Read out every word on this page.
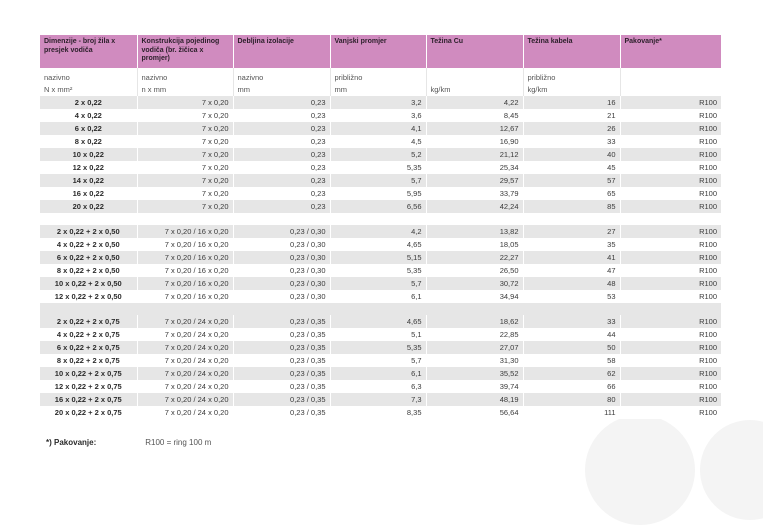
Dimenzije - broj žila x presjek vodiča	Konstrukcija pojedinog vodiča (br. žičica x promjer)	Debljina izolacije	Vanjski promjer	Težina Cu	Težina kabela	Pakovanje*
nazivno	nazivno	nazivno	približno		približno	
N x mm²	n x mm	mm	mm	kg/km	kg/km	
2 x 0,22	7 x 0,20	0,23	3,2	4,22	16	R100
4 x 0,22	7 x 0,20	0,23	3,6	8,45	21	R100
6 x 0,22	7 x 0,20	0,23	4,1	12,67	26	R100
8 x 0,22	7 x 0,20	0,23	4,5	16,90	33	R100
10 x 0,22	7 x 0,20	0,23	5,2	21,12	40	R100
12 x 0,22	7 x 0,20	0,23	5,35	25,34	45	R100
14 x 0,22	7 x 0,20	0,23	5,7	29,57	57	R100
16 x 0,22	7 x 0,20	0,23	5,95	33,79	65	R100
20 x 0,22	7 x 0,20	0,23	6,56	42,24	85	R100

2 x 0,22 + 2 x 0,50	7 x 0,20 / 16 x 0,20	0,23 / 0,30	4,2	13,82	27	R100
4 x 0,22 + 2 x 0,50	7 x 0,20 / 16 x 0,20	0,23 / 0,30	4,65	18,05	35	R100
6 x 0,22 + 2 x 0,50	7 x 0,20 / 16 x 0,20	0,23 / 0,30	5,15	22,27	41	R100
8 x 0,22 + 2 x 0,50	7 x 0,20 / 16 x 0,20	0,23 / 0,30	5,35	26,50	47	R100
10 x 0,22 + 2 x 0,50	7 x 0,20 / 16 x 0,20	0,23 / 0,30	5,7	30,72	48	R100
12 x 0,22 + 2 x 0,50	7 x 0,20 / 16 x 0,20	0,23 / 0,30	6,1	34,94	53	R100

2 x 0,22 + 2 x 0,75	7 x 0,20 / 24 x 0,20	0,23 / 0,35	4,65	18,62	33	R100
4 x 0,22 + 2 x 0,75	7 x 0,20 / 24 x 0,20	0,23 / 0,35	5,1	22,85	44	R100
6 x 0,22 + 2 x 0,75	7 x 0,20 / 24 x 0,20	0,23 / 0,35	5,35	27,07	50	R100
8 x 0,22 + 2 x 0,75	7 x 0,20 / 24 x 0,20	0,23 / 0,35	5,7	31,30	58	R100
10 x 0,22 + 2 x 0,75	7 x 0,20 / 24 x 0,20	0,23 / 0,35	6,1	35,52	62	R100
12 x 0,22 + 2 x 0,75	7 x 0,20 / 24 x 0,20	0,23 / 0,35	6,3	39,74	66	R100
16 x 0,22 + 2 x 0,75	7 x 0,20 / 24 x 0,20	0,23 / 0,35	7,3	48,19	80	R100
20 x 0,22 + 2 x 0,75	7 x 0,20 / 24 x 0,20	0,23 / 0,35	8,35	56,64	111	R100
*) Pakovanje:	R100 = ring 100 m
